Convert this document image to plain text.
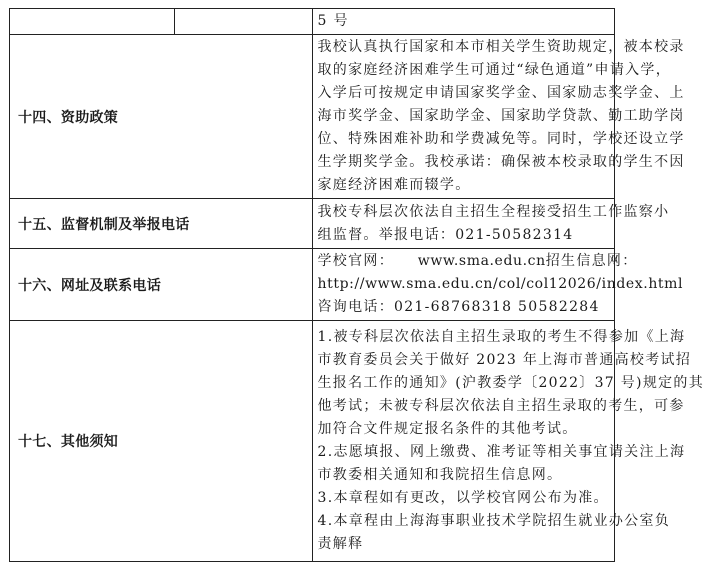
5 号

十四、资助政策	
我校认真执行国家和本市相关学生资助规定，被本校录
取的家庭经济困难学生可通过“绿色通道”申请入学，
入学后可按规定申请国家奖学金、国家励志奖学金、上
海市奖学金、国家助学金、国家助学贷款、勤工助学岗
位、特殊困难补助和学费减免等。同时，学校还设立学
生学期奖学金。我校承诺：确保被本校录取的学生不因
家庭经济困难而辍学。

十五、监督机制及举报电话	
我校专科层次依法自主招生全程接受招生工作监察小
组监督。举报电话：021-50582314

十六、网址及联系电话	
学校官网： www.sma.edu.cn 招生信息网：
http://www.sma.edu.cn/col/col12026/index.html
咨询电话：021-68768318 50582284

十七、其他须知	
1.被专科层次依法自主招生录取的考生不得参加《上海
市教育委员会关于做好 2023 年上海市普通高校考试招
生报名工作的通知》(沪教委学〔2022〕37 号)规定的其
他考试；未被专科层次依法自主招生录取的考生，可参
加符合文件规定报名条件的其他考试。
2.志愿填报、网上缴费、准考证等相关事宜请关注上海
市教委相关通知和我院招生信息网。
3.本章程如有更改，以学校官网公布为准。
4.本章程由上海海事职业技术学院招生就业办公室负
责解释
